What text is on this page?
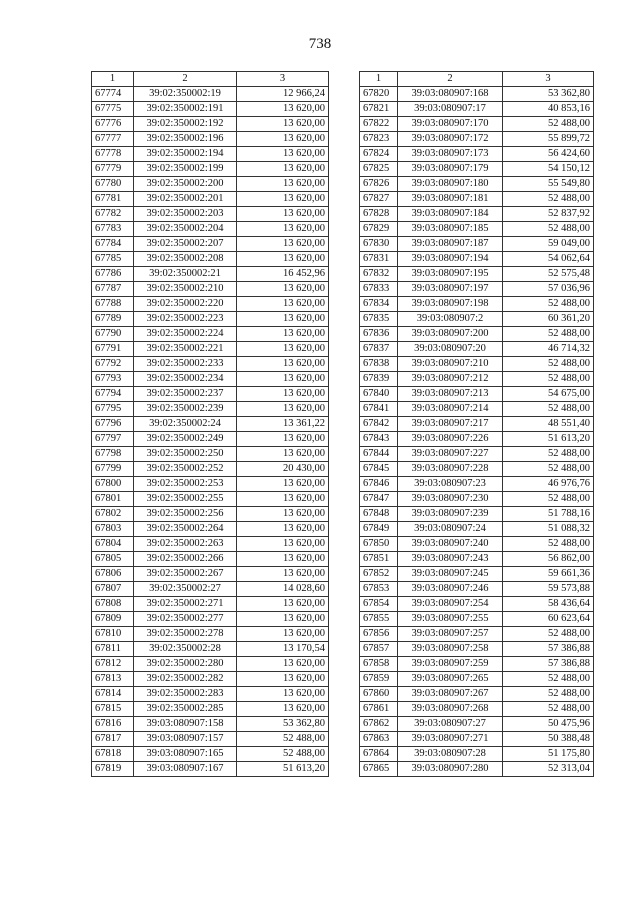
738
1	2	3
67774	39:02:350002:19	12 966,24
67775	39:02:350002:191	13 620,00
67776	39:02:350002:192	13 620,00
67777	39:02:350002:196	13 620,00
67778	39:02:350002:194	13 620,00
67779	39:02:350002:199	13 620,00
67780	39:02:350002:200	13 620,00
67781	39:02:350002:201	13 620,00
67782	39:02:350002:203	13 620,00
67783	39:02:350002:204	13 620,00
67784	39:02:350002:207	13 620,00
67785	39:02:350002:208	13 620,00
67786	39:02:350002:21	16 452,96
67787	39:02:350002:210	13 620,00
67788	39:02:350002:220	13 620,00
67789	39:02:350002:223	13 620,00
67790	39:02:350002:224	13 620,00
67791	39:02:350002:221	13 620,00
67792	39:02:350002:233	13 620,00
67793	39:02:350002:234	13 620,00
67794	39:02:350002:237	13 620,00
67795	39:02:350002:239	13 620,00
67796	39:02:350002:24	13 361,22
67797	39:02:350002:249	13 620,00
67798	39:02:350002:250	13 620,00
67799	39:02:350002:252	20 430,00
67800	39:02:350002:253	13 620,00
67801	39:02:350002:255	13 620,00
67802	39:02:350002:256	13 620,00
67803	39:02:350002:264	13 620,00
67804	39:02:350002:263	13 620,00
67805	39:02:350002:266	13 620,00
67806	39:02:350002:267	13 620,00
67807	39:02:350002:27	14 028,60
67808	39:02:350002:271	13 620,00
67809	39:02:350002:277	13 620,00
67810	39:02:350002:278	13 620,00
67811	39:02:350002:28	13 170,54
67812	39:02:350002:280	13 620,00
67813	39:02:350002:282	13 620,00
67814	39:02:350002:283	13 620,00
67815	39:02:350002:285	13 620,00
67816	39:03:080907:158	53 362,80
67817	39:03:080907:157	52 488,00
67818	39:03:080907:165	52 488,00
67819	39:03:080907:167	51 613,20
1	2	3
67820	39:03:080907:168	53 362,80
67821	39:03:080907:17	40 853,16
67822	39:03:080907:170	52 488,00
67823	39:03:080907:172	55 899,72
67824	39:03:080907:173	56 424,60
67825	39:03:080907:179	54 150,12
67826	39:03:080907:180	55 549,80
67827	39:03:080907:181	52 488,00
67828	39:03:080907:184	52 837,92
67829	39:03:080907:185	52 488,00
67830	39:03:080907:187	59 049,00
67831	39:03:080907:194	54 062,64
67832	39:03:080907:195	52 575,48
67833	39:03:080907:197	57 036,96
67834	39:03:080907:198	52 488,00
67835	39:03:080907:2	60 361,20
67836	39:03:080907:200	52 488,00
67837	39:03:080907:20	46 714,32
67838	39:03:080907:210	52 488,00
67839	39:03:080907:212	52 488,00
67840	39:03:080907:213	54 675,00
67841	39:03:080907:214	52 488,00
67842	39:03:080907:217	48 551,40
67843	39:03:080907:226	51 613,20
67844	39:03:080907:227	52 488,00
67845	39:03:080907:228	52 488,00
67846	39:03:080907:23	46 976,76
67847	39:03:080907:230	52 488,00
67848	39:03:080907:239	51 788,16
67849	39:03:080907:24	51 088,32
67850	39:03:080907:240	52 488,00
67851	39:03:080907:243	56 862,00
67852	39:03:080907:245	59 661,36
67853	39:03:080907:246	59 573,88
67854	39:03:080907:254	58 436,64
67855	39:03:080907:255	60 623,64
67856	39:03:080907:257	52 488,00
67857	39:03:080907:258	57 386,88
67858	39:03:080907:259	57 386,88
67859	39:03:080907:265	52 488,00
67860	39:03:080907:267	52 488,00
67861	39:03:080907:268	52 488,00
67862	39:03:080907:27	50 475,96
67863	39:03:080907:271	50 388,48
67864	39:03:080907:28	51 175,80
67865	39:03:080907:280	52 313,04
